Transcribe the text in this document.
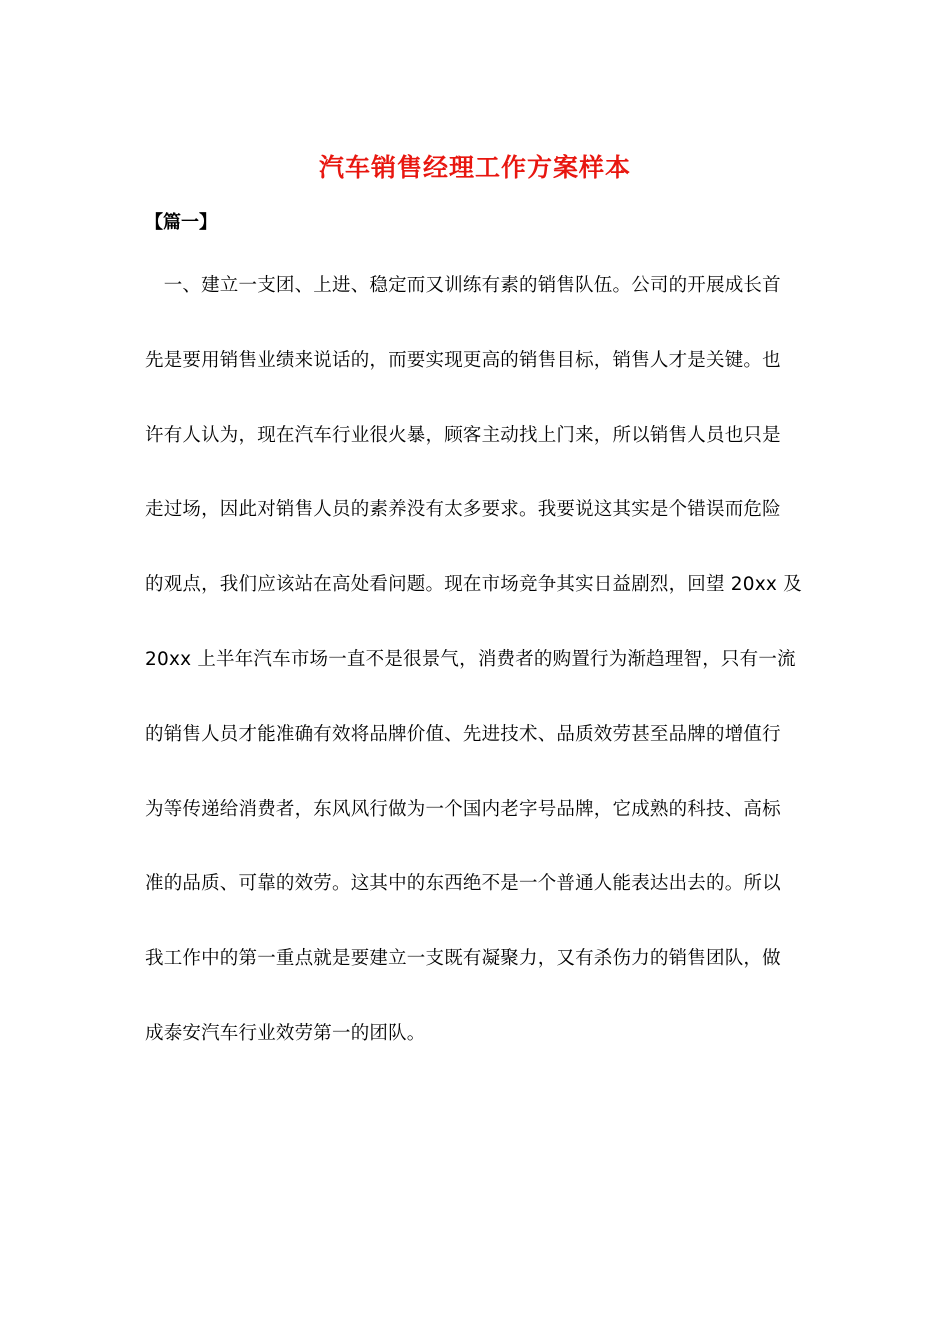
汽车销售经理工作方案样本

【篇一】

　一、建立一支团、上进、稳定而又训练有素的销售队伍。公司的开展成长首
先是要用销售业绩来说话的，而要实现更高的销售目标，销售人才是关键。也
许有人认为，现在汽车行业很火暴，顾客主动找上门来，所以销售人员也只是
走过场，因此对销售人员的素养没有太多要求。我要说这其实是个错误而危险
的观点，我们应该站在高处看问题。现在市场竞争其实日益剧烈，回望 20xx 及
20xx 上半年汽车市场一直不是很景气，消费者的购置行为渐趋理智，只有一流
的销售人员才能准确有效将品牌价值、先进技术、品质效劳甚至品牌的增值行
为等传递给消费者，东风风行做为一个国内老字号品牌，它成熟的科技、高标
准的品质、可靠的效劳。这其中的东西绝不是一个普通人能表达出去的。所以
我工作中的第一重点就是要建立一支既有凝聚力，又有杀伤力的销售团队，做
成泰安汽车行业效劳第一的团队。
